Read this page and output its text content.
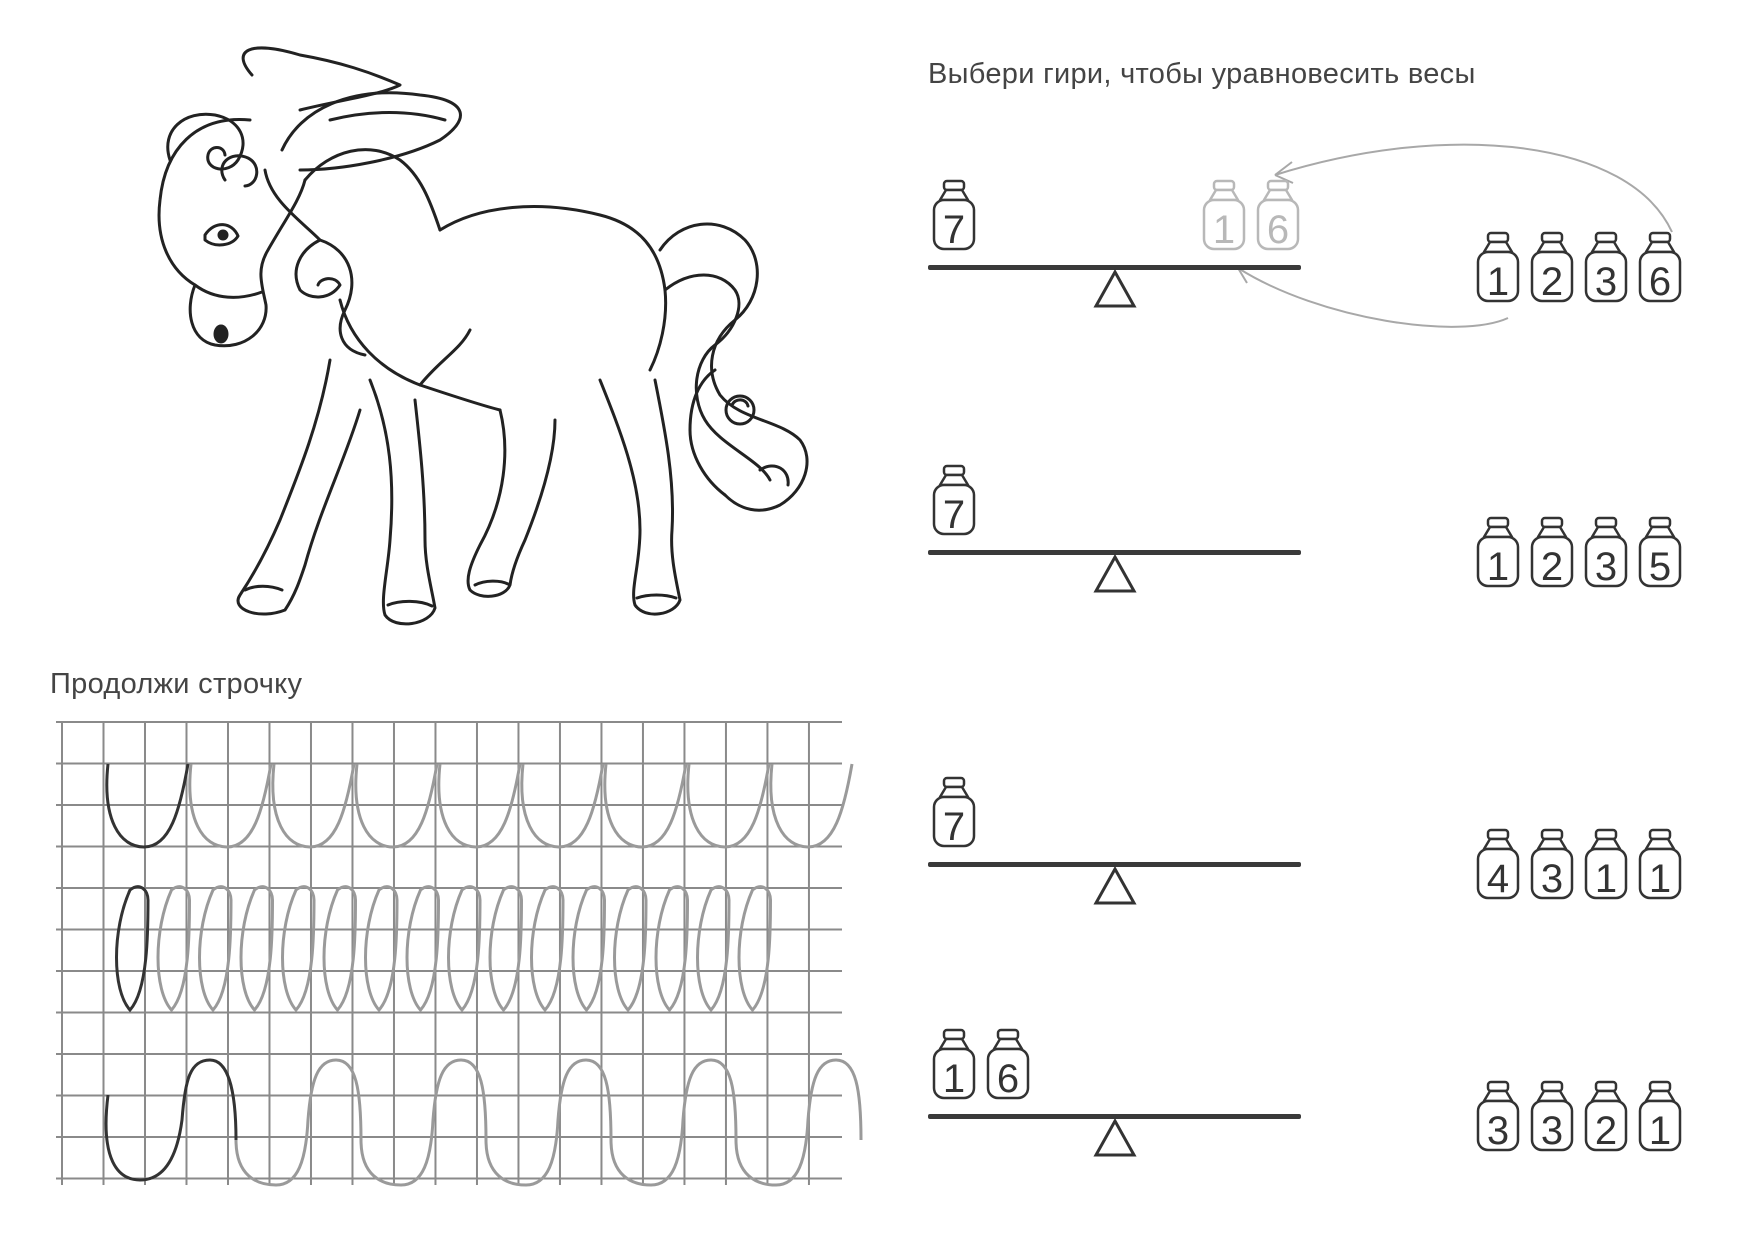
Продолжи строчку
Выбери гири, чтобы уравновесить весы
7	1 6
1 2 3 6
7
1 2 3 5
7
4 3 1 1
1 6
3 3 2 1
